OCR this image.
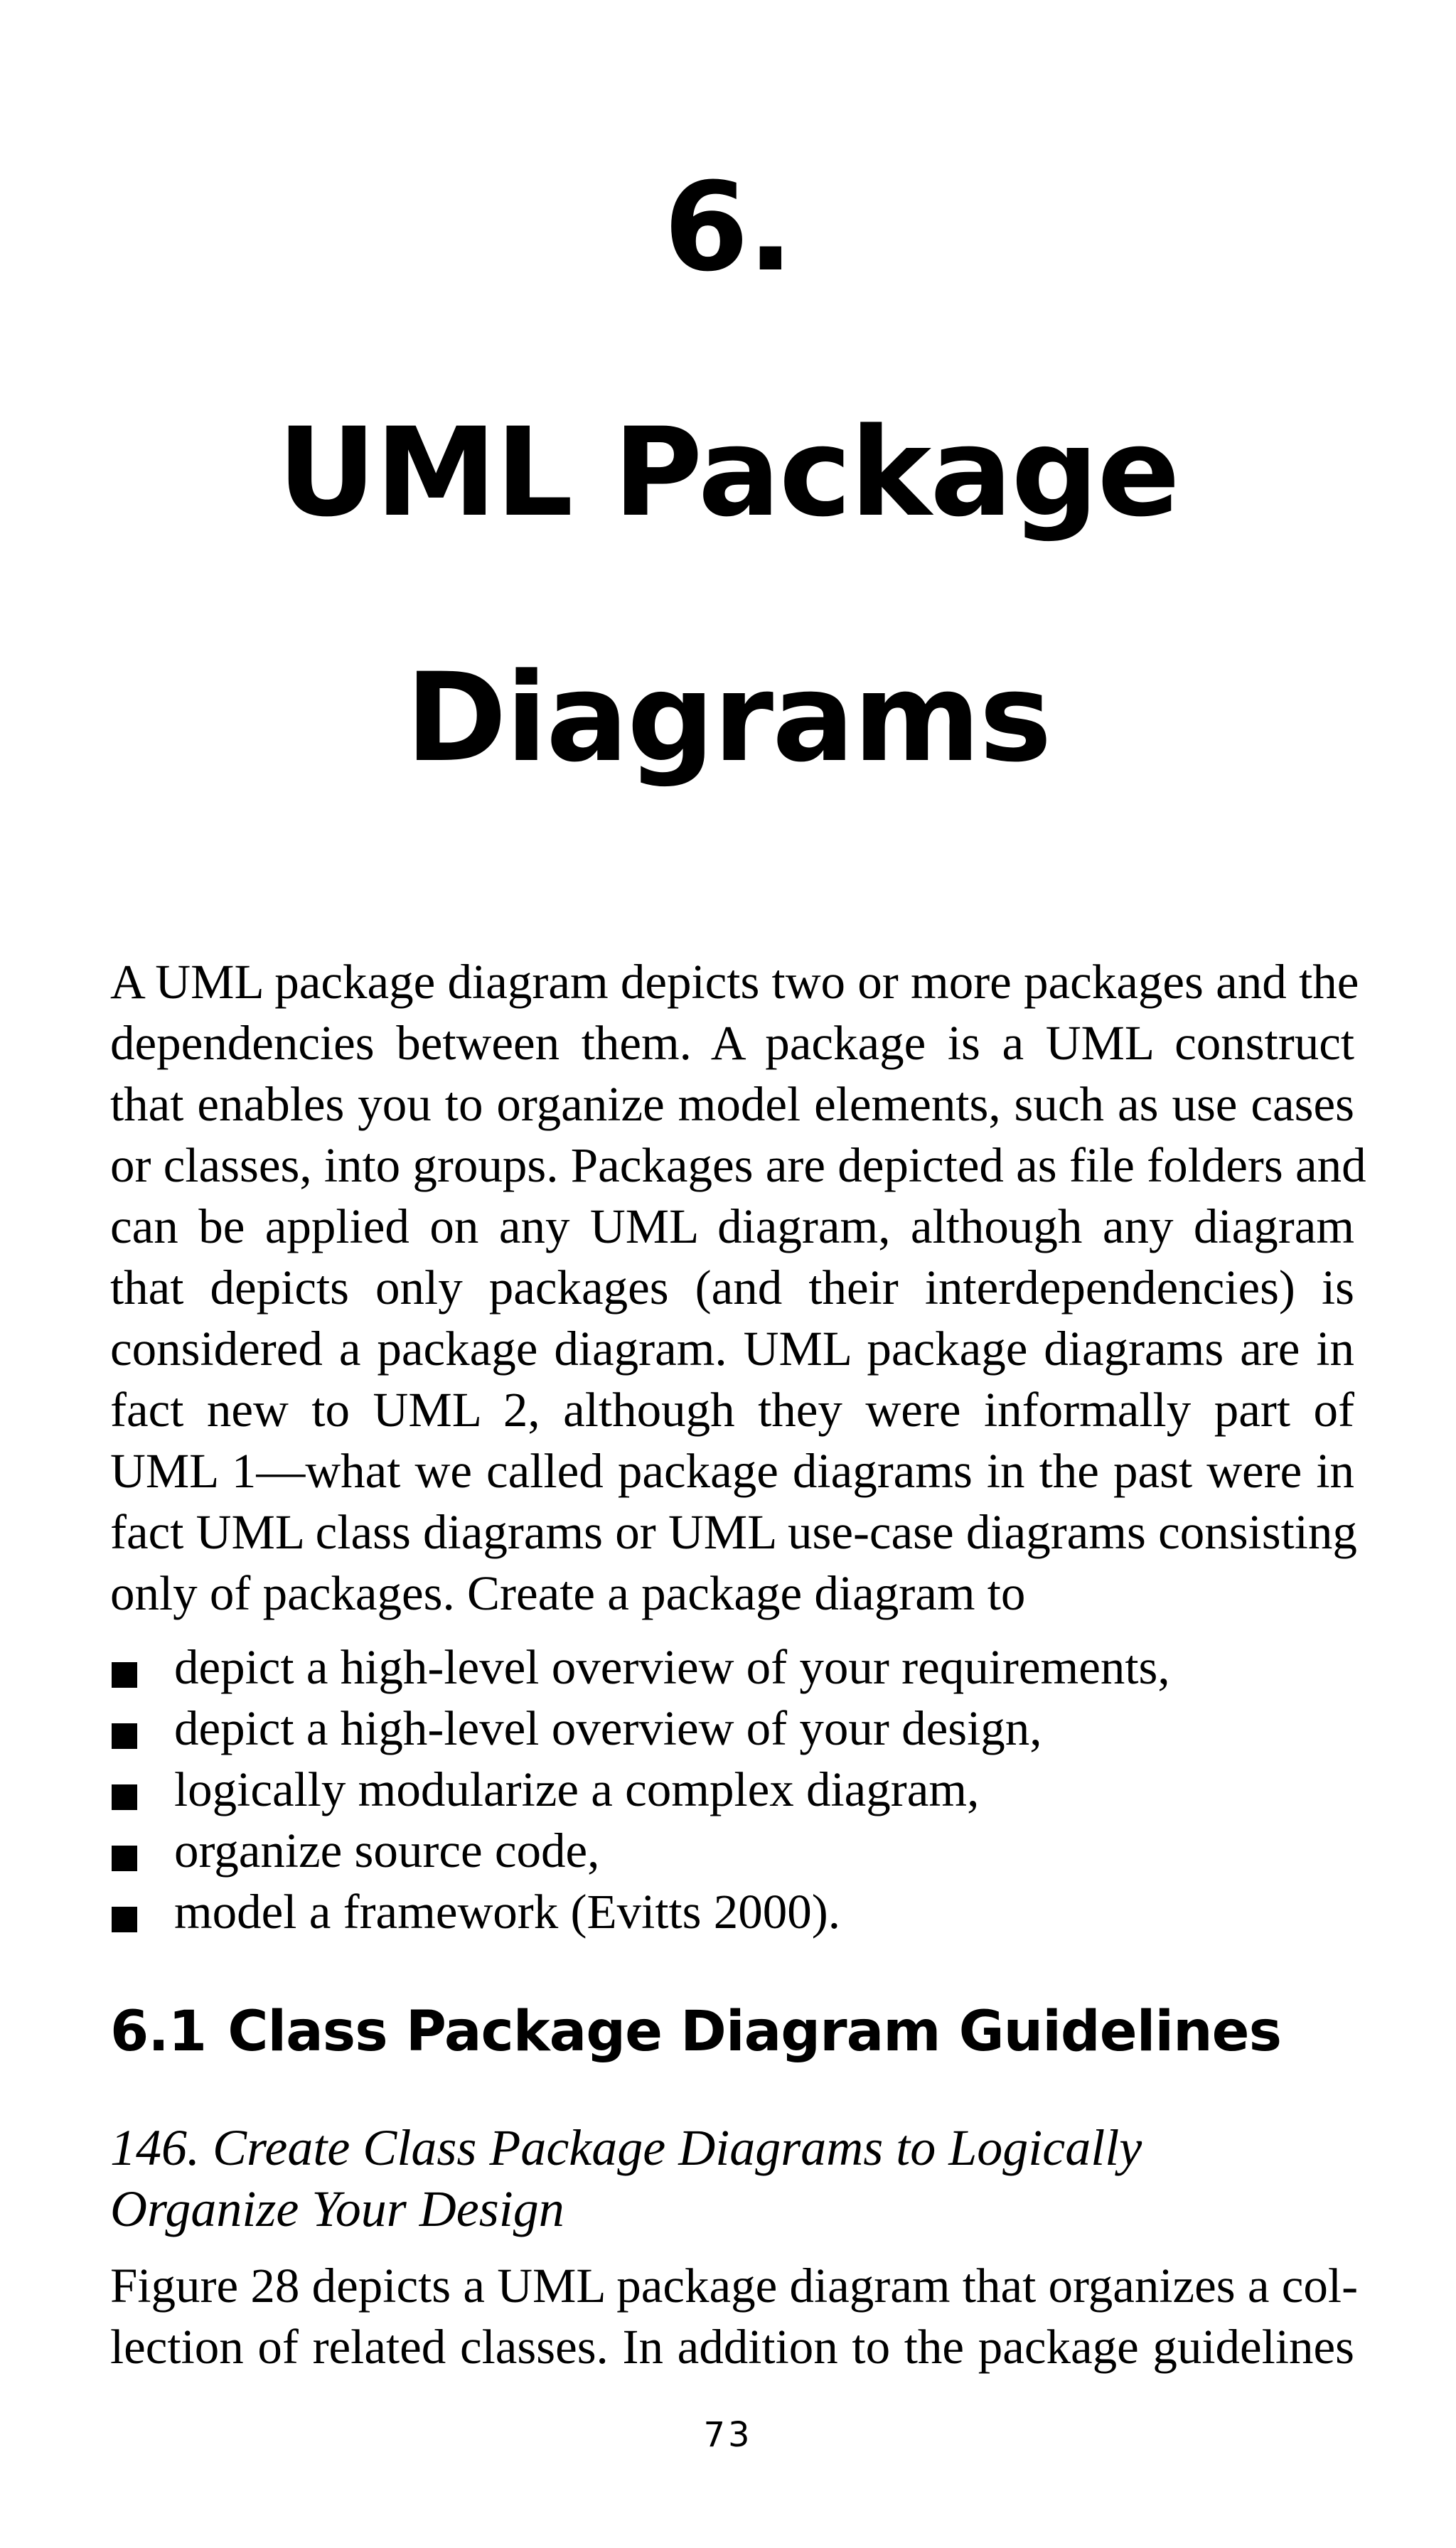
6.
UML Package
Diagrams
A UML package diagram depicts two or more packages and the
dependencies between them. A package is a UML construct
that enables you to organize model elements, such as use cases
or classes, into groups. Packages are depicted as file folders and
can be applied on any UML diagram, although any diagram
that depicts only packages (and their interdependencies) is
considered a package diagram. UML package diagrams are in
fact new to UML 2, although they were informally part of
UML 1—what we called package diagrams in the past were in
fact UML class diagrams or UML use-case diagrams consisting
only of packages. Create a package diagram to
depict a high-level overview of your requirements,
depict a high-level overview of your design,
logically modularize a complex diagram,
organize source code,
model a framework (Evitts 2000).
6.1 Class Package Diagram Guidelines
146. Create Class Package Diagrams to Logically
Organize Your Design
Figure 28 depicts a UML package diagram that organizes a col-
lection of related classes. In addition to the package guidelines
73
